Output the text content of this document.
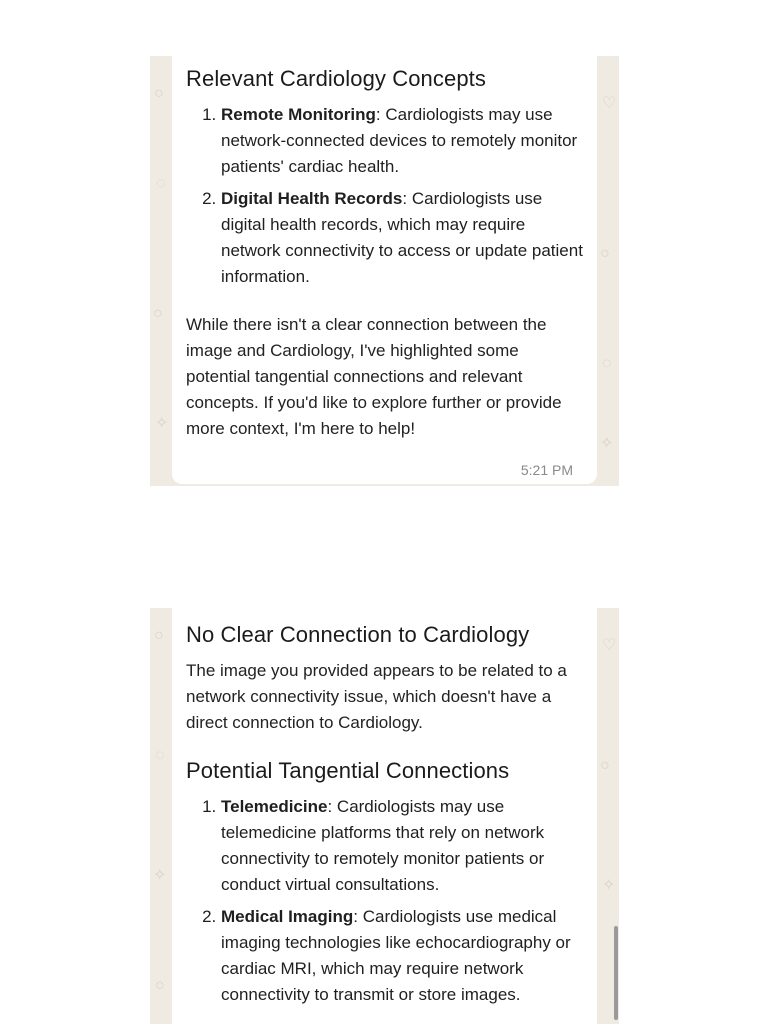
○
◌
○
✧
♡
○
◌
✧
Relevant Cardiology Concepts
1. Remote Monitoring: Cardiologists may use network-connected devices to remotely monitor patients' cardiac health.
2. Digital Health Records: Cardiologists use digital health records, which may require network connectivity to access or update patient information.

While there isn't a clear connection between the image and Cardiology, I've highlighted some potential tangential connections and relevant concepts. If you'd like to explore further or provide more context, I'm here to help!

5:21 PM
○
◌
✧
○
♡
○
✧
No Clear Connection to Cardiology

The image you provided appears to be related to a network connectivity issue, which doesn't have a direct connection to Cardiology.

Potential Tangential Connections
1. Telemedicine: Cardiologists may use telemedicine platforms that rely on network connectivity to remotely monitor patients or conduct virtual consultations.
2. Medical Imaging: Cardiologists use medical imaging technologies like echocardiography or cardiac MRI, which may require network connectivity to transmit or store images.
